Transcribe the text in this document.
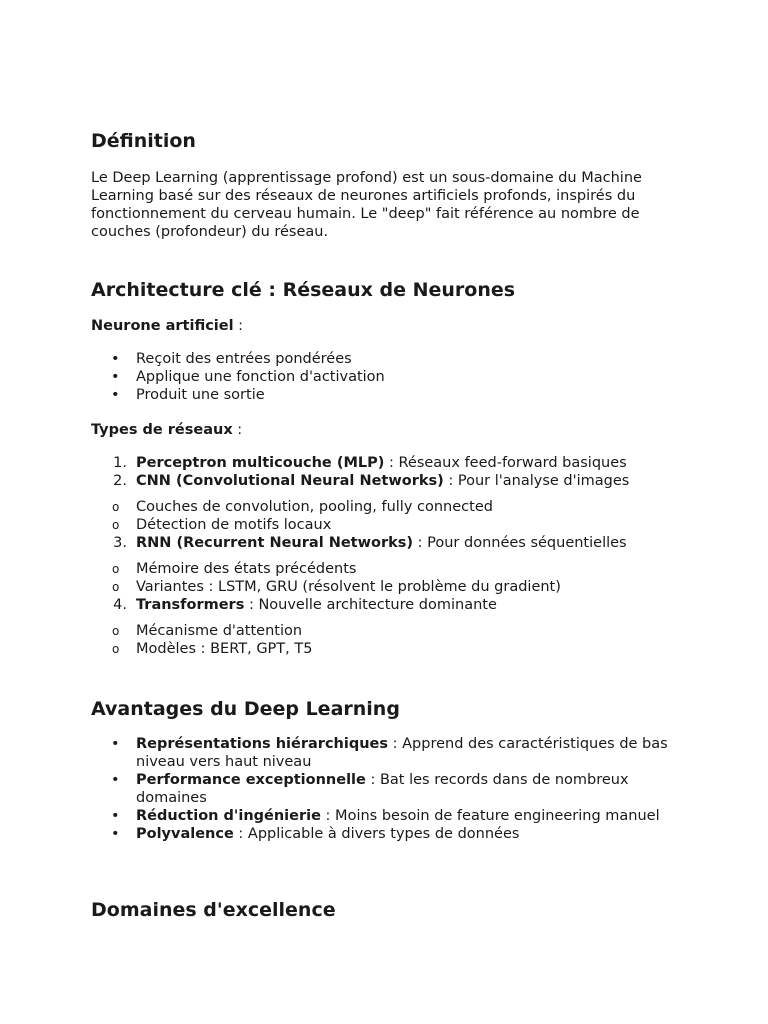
Définition

Le Deep Learning (apprentissage profond) est un sous-domaine du Machine Learning basé sur des réseaux de neurones artificiels profonds, inspirés du fonctionnement du cerveau humain. Le "deep" fait référence au nombre de couches (profondeur) du réseau.

Architecture clé : Réseaux de Neurones

Neurone artificiel :

• Reçoit des entrées pondérées
• Applique une fonction d'activation
• Produit une sortie

Types de réseaux :

1. Perceptron multicouche (MLP) : Réseaux feed-forward basiques
2. CNN (Convolutional Neural Networks) : Pour l'analyse d'images
o Couches de convolution, pooling, fully connected
o Détection de motifs locaux
3. RNN (Recurrent Neural Networks) : Pour données séquentielles
o Mémoire des états précédents
o Variantes : LSTM, GRU (résolvent le problème du gradient)
4. Transformers : Nouvelle architecture dominante
o Mécanisme d'attention
o Modèles : BERT, GPT, T5
Avantages du Deep Learning
• Représentations hiérarchiques : Apprend des caractéristiques de bas niveau vers haut niveau
• Performance exceptionnelle : Bat les records dans de nombreux domaines
• Réduction d'ingénierie : Moins besoin de feature engineering manuel
• Polyvalence : Applicable à divers types de données
Domaines d'excellence
